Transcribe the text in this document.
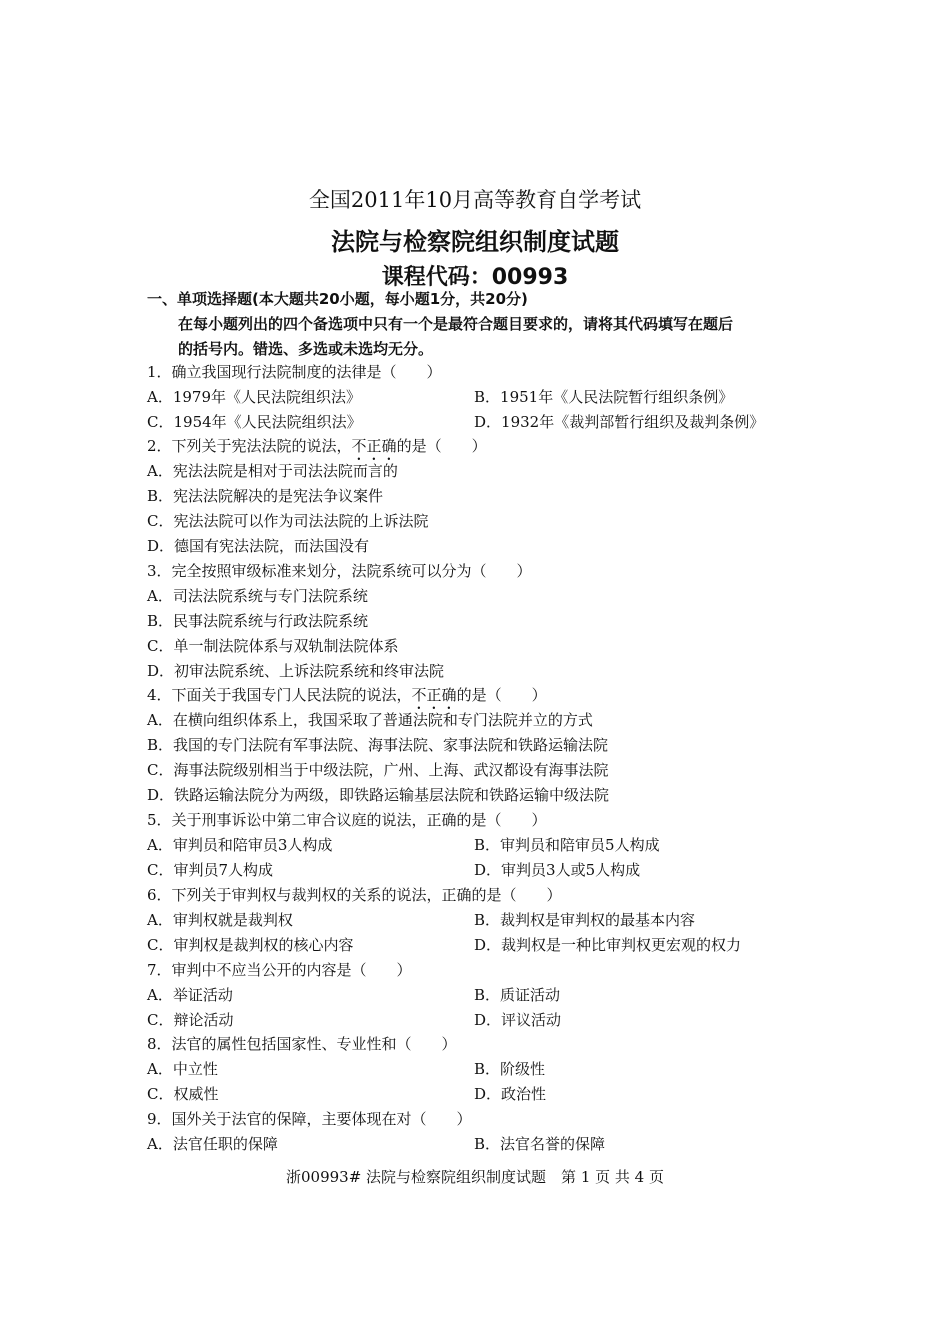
全国2011年10月高等教育自学考试
法院与检察院组织制度试题
课程代码：00993
一、单项选择题(本大题共20小题，每小题1分，共20分)
在每小题列出的四个备选项中只有一个是最符合题目要求的，请将其代码填写在题后
的括号内。错选、多选或未选均无分。
1．确立我国现行法院制度的法律是（　　）
A．1979年《人民法院组织法》	B．1951年《人民法院暂行组织条例》
C．1954年《人民法院组织法》	D．1932年《裁判部暂行组织及裁判条例》
2．下列关于宪法法院的说法，不正确的是（　　）
A．宪法法院是相对于司法法院而言的
B．宪法法院解决的是宪法争议案件
C．宪法法院可以作为司法法院的上诉法院
D．德国有宪法法院，而法国没有
3．完全按照审级标准来划分，法院系统可以分为（　　）
A．司法法院系统与专门法院系统
B．民事法院系统与行政法院系统
C．单一制法院体系与双轨制法院体系
D．初审法院系统、上诉法院系统和终审法院
4．下面关于我国专门人民法院的说法，不正确的是（　　）
A．在横向组织体系上，我国采取了普通法院和专门法院并立的方式
B．我国的专门法院有军事法院、海事法院、家事法院和铁路运输法院
C．海事法院级别相当于中级法院，广州、上海、武汉都设有海事法院
D．铁路运输法院分为两级，即铁路运输基层法院和铁路运输中级法院
5．关于刑事诉讼中第二审合议庭的说法，正确的是（　　）
A．审判员和陪审员3人构成	B．审判员和陪审员5人构成
C．审判员7人构成	D．审判员3人或5人构成
6．下列关于审判权与裁判权的关系的说法，正确的是（　　）
A．审判权就是裁判权	B．裁判权是审判权的最基本内容
C．审判权是裁判权的核心内容	D．裁判权是一种比审判权更宏观的权力
7．审判中不应当公开的内容是（　　）
A．举证活动	B．质证活动
C．辩论活动	D．评议活动
8．法官的属性包括国家性、专业性和（　　）
A．中立性	B．阶级性
C．权威性	D．政治性
9．国外关于法官的保障，主要体现在对（　　）
A．法官任职的保障	B．法官名誉的保障
浙00993# 法院与检察院组织制度试题　第 1 页 共 4 页
